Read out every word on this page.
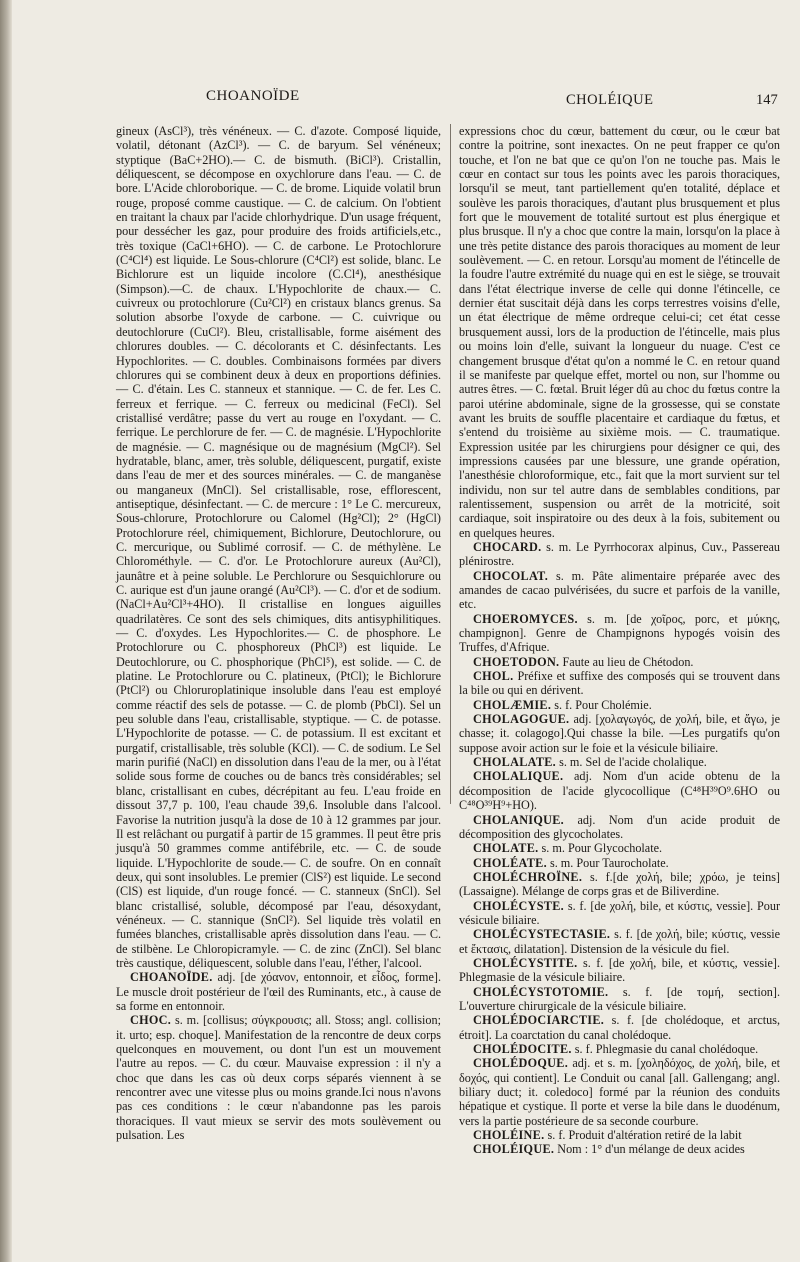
CHOANOÏDE	CHOLÉIQUE	147

gineux (AsCl³), très vénéneux. — C. d'azote. Composé liquide, volatil, détonant (AzCl³). — C. de baryum. Sel vénéneux; styptique (BaC+2HO).— C. de bismuth. (BiCl³). Cristallin, déliquescent, se décompose en oxychlorure dans l'eau. — C. de bore. L'Acide chloroborique. — C. de brome. Liquide volatil brun rouge, proposé comme caustique. — C. de calcium. On l'obtient en traitant la chaux par l'acide chlorhydrique. D'un usage fréquent, pour dessécher les gaz, pour produire des froids artificiels,etc., très toxique (CaCl+6HO). — C. de carbone. Le Protochlorure (C⁴Cl⁴) est liquide. Le Sous-chlorure (C⁴Cl²) est solide, blanc. Le Bichlorure est un liquide incolore (C.Cl⁴), anesthésique (Simpson).—C. de chaux. L'Hypochlorite de chaux.— C. cuivreux ou protochlorure (Cu²Cl²) en cristaux blancs grenus. Sa solution absorbe l'oxyde de carbone. — C. cuivrique ou deutochlorure (CuCl²). Bleu, cristallisable, forme aisément des chlorures doubles. — C. décolorants et C. désinfectants. Les Hypochlorites. — C. doubles. Combinaisons formées par divers chlorures qui se combinent deux à deux en proportions définies. — C. d'étain. Les C. stanneux et stannique. — C. de fer. Les C. ferreux et ferrique. — C. ferreux ou medicinal (FeCl). Sel cristallisé verdâtre; passe du vert au rouge en l'oxydant. — C. ferrique. Le perchlorure de fer. — C. de magnésie. L'Hypochlorite de magnésie. — C. magnésique ou de magnésium (MgCl²). Sel hydratable, blanc, amer, très soluble, déliquescent, purgatif, existe dans l'eau de mer et des sources minérales. — C. de manganèse ou manganeux (MnCl). Sel cristallisable, rose, efflorescent, antiseptique, désinfectant. — C. de mercure : 1° Le C. mercureux, Sous-chlorure, Protochlorure ou Calomel (Hg²Cl); 2° (HgCl) Protochlorure réel, chimiquement, Bichlorure, Deutochlorure, ou C. mercurique, ou Sublimé corrosif. — C. de méthylène. Le Chlorométhyle. — C. d'or. Le Protochlorure aureux (Au²Cl), jaunâtre et à peine soluble. Le Perchlorure ou Sesquichlorure ou C. aurique est d'un jaune orangé (Au²Cl³). — C. d'or et de sodium. (NaCl+Au²Cl³+4HO). Il cristallise en longues aiguilles quadrilatères. Ce sont des sels chimiques, dits antisyphilitiques. — C. d'oxydes. Les Hypochlorites.— C. de phosphore. Le Protochlorure ou C. phosphoreux (PhCl³) est liquide. Le Deutochlorure, ou C. phosphorique (PhCl⁵), est solide. — C. de platine. Le Protochlorure ou C. platineux, (PtCl); le Bichlorure (PtCl²) ou Chloruroplatinique insoluble dans l'eau est employé comme réactif des sels de potasse. — C. de plomb (PbCl). Sel un peu soluble dans l'eau, cristallisable, styptique. — C. de potasse. L'Hypochlorite de potasse. — C. de potassium. Il est excitant et purgatif, cristallisable, très soluble (KCl). — C. de sodium. Le Sel marin purifié (NaCl) en dissolution dans l'eau de la mer, ou à l'état solide sous forme de couches ou de bancs très considérables; sel blanc, cristallisant en cubes, décrépitant au feu. L'eau froide en dissout 37,7 p. 100, l'eau chaude 39,6. Insoluble dans l'alcool. Favorise la nutrition jusqu'à la dose de 10 à 12 grammes par jour. Il est relâchant ou purgatif à partir de 15 grammes. Il peut être pris jusqu'à 50 grammes comme antifébrile, etc. — C. de soude liquide. L'Hypochlorite de soude.— C. de soufre. On en connaît deux, qui sont insolubles. Le premier (ClS²) est liquide. Le second (ClS) est liquide, d'un rouge foncé. — C. stanneux (SnCl). Sel blanc cristallisé, soluble, décomposé par l'eau, désoxydant, vénéneux. — C. stannique (SnCl²). Sel liquide très volatil en fumées blanches, cristallisable après dissolution dans l'eau. — C. de stilbène. Le Chloropicramyle. — C. de zinc (ZnCl). Sel blanc très caustique, déliquescent, soluble dans l'eau, l'éther, l'alcool.

CHOANOÏDE. adj. [de χόανον, entonnoir, et εἶδος, forme]. Le muscle droit postérieur de l'œil des Ruminants, etc., à cause de sa forme en entonnoir.

CHOC. s. m. [collisus; σύγκρουσις; all. Stoss; angl. collision; it. urto; esp. choque]. Manifestation de la rencontre de deux corps quelconques en mouvement, ou dont l'un est un mouvement l'autre au repos. — C. du cœur. Mauvaise expression : il n'y a choc que dans les cas où deux corps séparés viennent à se rencontrer avec une vitesse plus ou moins grande.Ici nous n'avons pas ces conditions : le cœur n'abandonne pas les parois thoraciques. Il vaut mieux se servir des mots soulèvement ou pulsation. Les

expressions choc du cœur, battement du cœur, ou le cœur bat contre la poitrine, sont inexactes. On ne peut frapper ce qu'on touche, et l'on ne bat que ce qu'on l'on ne touche pas. Mais le cœur en contact sur tous les points avec les parois thoraciques, lorsqu'il se meut, tant partiellement qu'en totalité, déplace et soulève les parois thoraciques, d'autant plus brusquement et plus fort que le mouvement de totalité surtout est plus énergique et plus brusque. Il n'y a choc que contre la main, lorsqu'on la place à une très petite distance des parois thoraciques au moment de leur soulèvement. — C. en retour. Lorsqu'au moment de l'étincelle de la foudre l'autre extrémité du nuage qui en est le siège, se trouvait dans l'état électrique inverse de celle qui donne l'étincelle, ce dernier état suscitait déjà dans les corps terrestres voisins d'elle, un état électrique de même ordreque celui-ci; cet état cesse brusquement aussi, lors de la production de l'étincelle, mais plus ou moins loin d'elle, suivant la longueur du nuage. C'est ce changement brusque d'état qu'on a nommé le C. en retour quand il se manifeste par quelque effet, mortel ou non, sur l'homme ou autres êtres. — C. fœtal. Bruit léger dû au choc du fœtus contre la paroi utérine abdominale, signe de la grossesse, qui se constate avant les bruits de souffle placentaire et cardiaque du fœtus, et s'entend du troisième au sixième mois. — C. traumatique. Expression usitée par les chirurgiens pour désigner ce qui, des impressions causées par une blessure, une grande opération, l'anesthésie chloroformique, etc., fait que la mort survient sur tel individu, non sur tel autre dans de semblables conditions, par ralentissement, suspension ou arrêt de la motricité, soit cardiaque, soit inspiratoire ou des deux à la fois, subitement ou en quelques heures.

CHOCARD. s. m. Le Pyrrhocorax alpinus, Cuv., Passereau plénirostre.

CHOCOLAT. s. m. Pâte alimentaire préparée avec des amandes de cacao pulvérisées, du sucre et parfois de la vanille, etc.

CHOEROMYCES. s. m. [de χοῖρος, porc, et μύκης, champignon]. Genre de Champignons hypogés voisin des Truffes, d'Afrique.

CHOETODON. Faute au lieu de Chétodon.

CHOL. Préfixe et suffixe des composés qui se trouvent dans la bile ou qui en dérivent.

CHOLÆMIE. s. f. Pour Cholémie.

CHOLAGOGUE. adj. [χολαγωγός, de χολή, bile, et ἄγω, je chasse; it. colagogo].Qui chasse la bile. —Les purgatifs qu'on suppose avoir action sur le foie et la vésicule biliaire.

CHOLALATE. s. m. Sel de l'acide cholalique.

CHOLALIQUE. adj. Nom d'un acide obtenu de la décomposition de l'acide glycocollique (C⁴⁸H³⁹O⁹.6HO ou C⁴⁸O³⁹H⁹+HO).

CHOLANIQUE. adj. Nom d'un acide produit de décomposition des glycocholates.

CHOLATE. s. m. Pour Glycocholate.

CHOLÉATE. s. m. Pour Taurocholate.

CHOLÉCHROÏNE. s. f.[de χολή, bile; χρόω, je teins] (Lassaigne). Mélange de corps gras et de Biliverdine.

CHOLÉCYSTE. s. f. [de χολή, bile, et κύστις, vessie]. Pour vésicule biliaire.

CHOLÉCYSTECTASIE. s. f. [de χολή, bile; κύστις, vessie et ἔκτασις, dilatation]. Distension de la vésicule du fiel.

CHOLÉCYSTITE. s. f. [de χολή, bile, et κύστις, vessie]. Phlegmasie de la vésicule biliaire.

CHOLÉCYSTOTOMIE. s. f. [de τομή, section]. L'ouverture chirurgicale de la vésicule biliaire.

CHOLÉDOCIARCTIE. s. f. [de cholédoque, et arctus, étroit]. La coarctation du canal cholédoque.

CHOLÉDOCITE. s. f. Phlegmasie du canal cholédoque.

CHOLÉDOQUE. adj. et s. m. [χοληδόχος, de χολή, bile, et δοχός, qui contient]. Le Conduit ou canal [all. Gallengang; angl. biliary duct; it. coledoco] formé par la réunion des conduits hépatique et cystique. Il porte et verse la bile dans le duodénum, vers la partie postérieure de sa seconde courbure.

CHOLÉINE. s. f. Produit d'altération retiré de la labit

CHOLÉIQUE. Nom : 1° d'un mélange de deux acides
